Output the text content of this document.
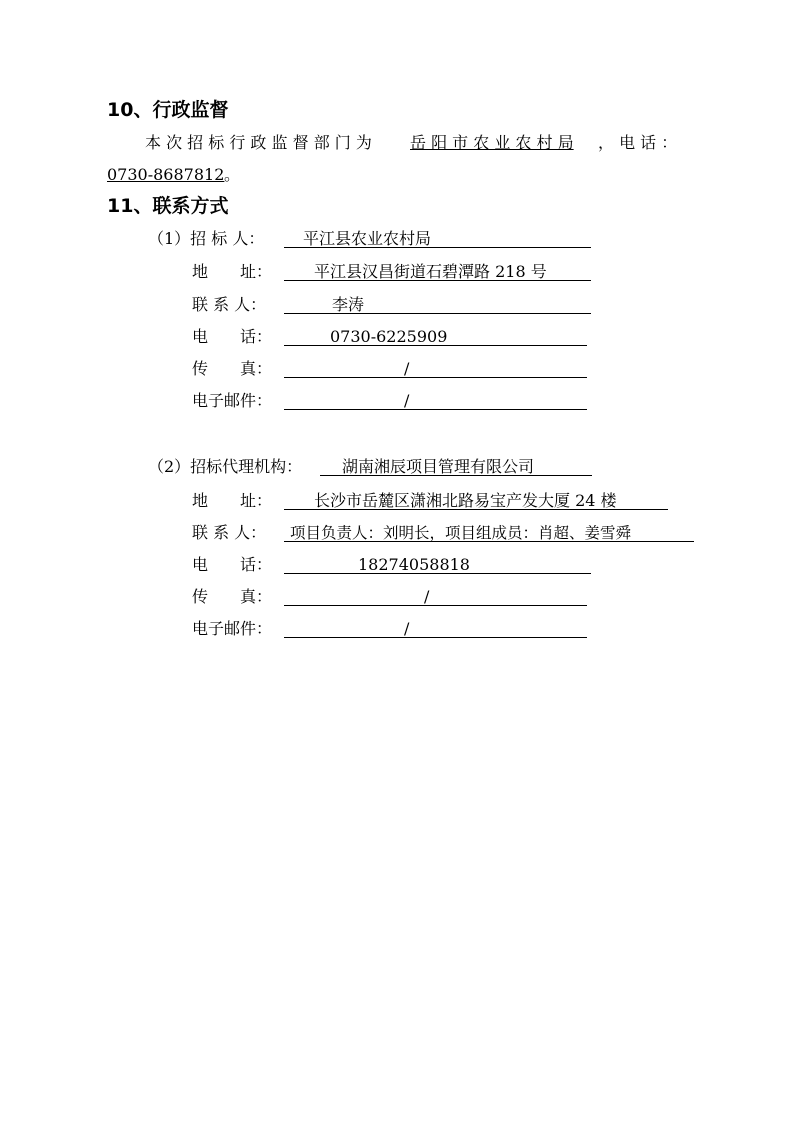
10、行政监督
本 次 招 标 行 政 监 督 部 门 为 岳 阳 市 农 业 农 村 局 ， 电 话 ：
0730-8687812 。
11、联系方式
（1）招 标 人： 平江县农业农村局
地　　址：	平江县汉昌街道石碧潭路 218 号
联 系 人：	李涛
电　　话：	0730-6225909
传　　真：	/
电子邮件：	/
（2）招标代理机构： 湖南湘辰项目管理有限公司
地　　址：	长沙市岳麓区潇湘北路易宝产发大厦 24 楼
联 系 人： 项目负责人：刘明长，项目组成员：肖超、姜雪舜
电　　话：	18274058818
传　　真：	/
电子邮件：	/
